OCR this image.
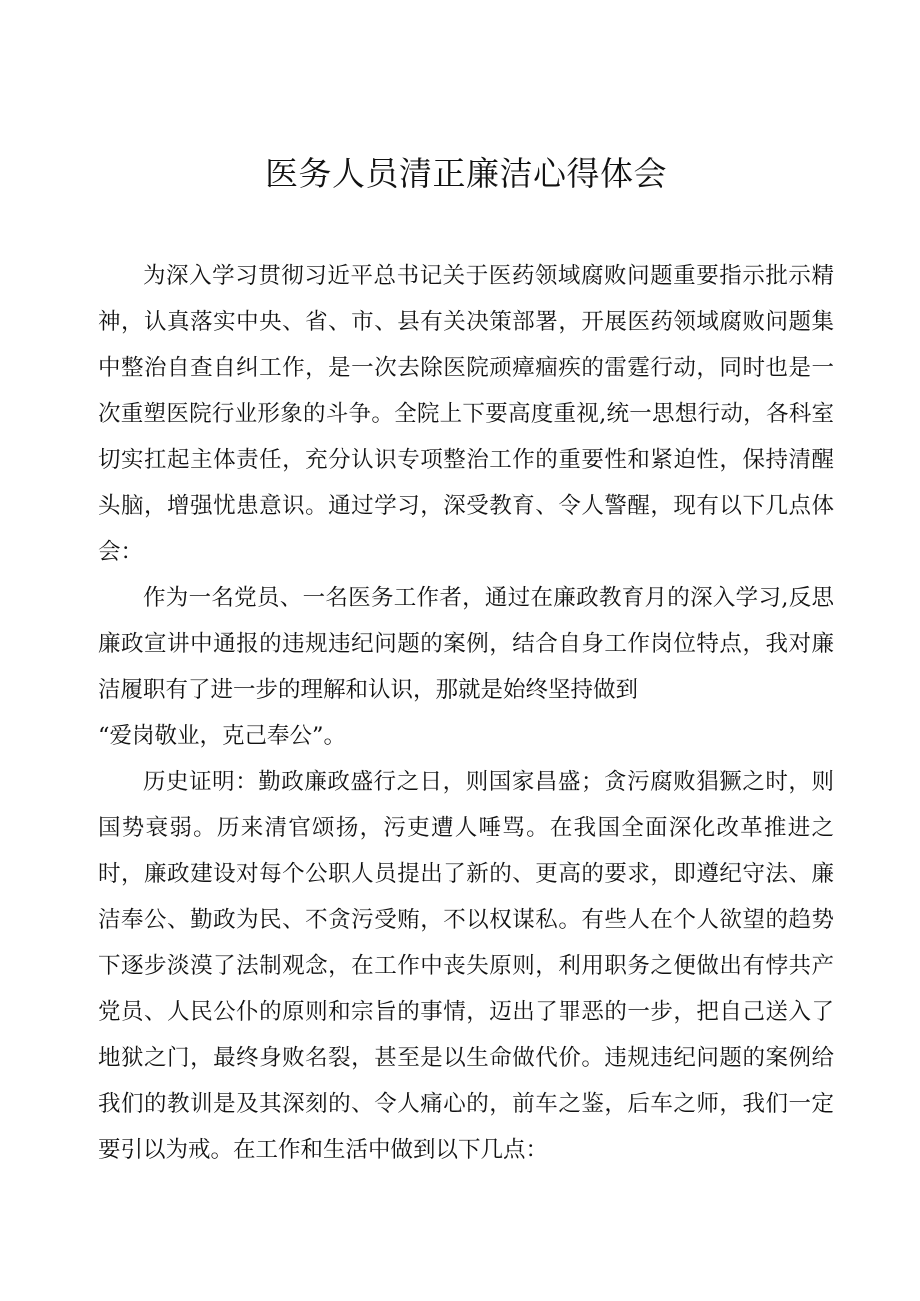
医务人员清正廉洁心得体会

为深入学习贯彻习近平总书记关于医药领域腐败问题重要指示批示精神，认真落实中央、省、市、县有关决策部署，开展医药领域腐败问题集中整治自查自纠工作，是一次去除医院顽瘴痼疾的雷霆行动，同时也是一次重塑医院行业形象的斗争。全院上下要高度重视,统一思想行动，各科室切实扛起主体责任，充分认识专项整治工作的重要性和紧迫性，保持清醒头脑，增强忧患意识。通过学习，深受教育、令人警醒，现有以下几点体会：

作为一名党员、一名医务工作者，通过在廉政教育月的深入学习,反思廉政宣讲中通报的违规违纪问题的案例，结合自身工作岗位特点，我对廉洁履职有了进一步的理解和认识，那就是始终坚持做到

“爱岗敬业，克己奉公”。

历史证明：勤政廉政盛行之日，则国家昌盛；贪污腐败猖獗之时，则国势衰弱。历来清官颂扬，污吏遭人唾骂。在我国全面深化改革推进之时，廉政建设对每个公职人员提出了新的、更高的要求，即遵纪守法、廉洁奉公、勤政为民、不贪污受贿，不以权谋私。有些人在个人欲望的趋势下逐步淡漠了法制观念，在工作中丧失原则，利用职务之便做出有悖共产党员、人民公仆的原则和宗旨的事情，迈出了罪恶的一步，把自己送入了地狱之门，最终身败名裂，甚至是以生命做代价。违规违纪问题的案例给我们的教训是及其深刻的、令人痛心的，前车之鉴，后车之师，我们一定要引以为戒。在工作和生活中做到以下几点：
